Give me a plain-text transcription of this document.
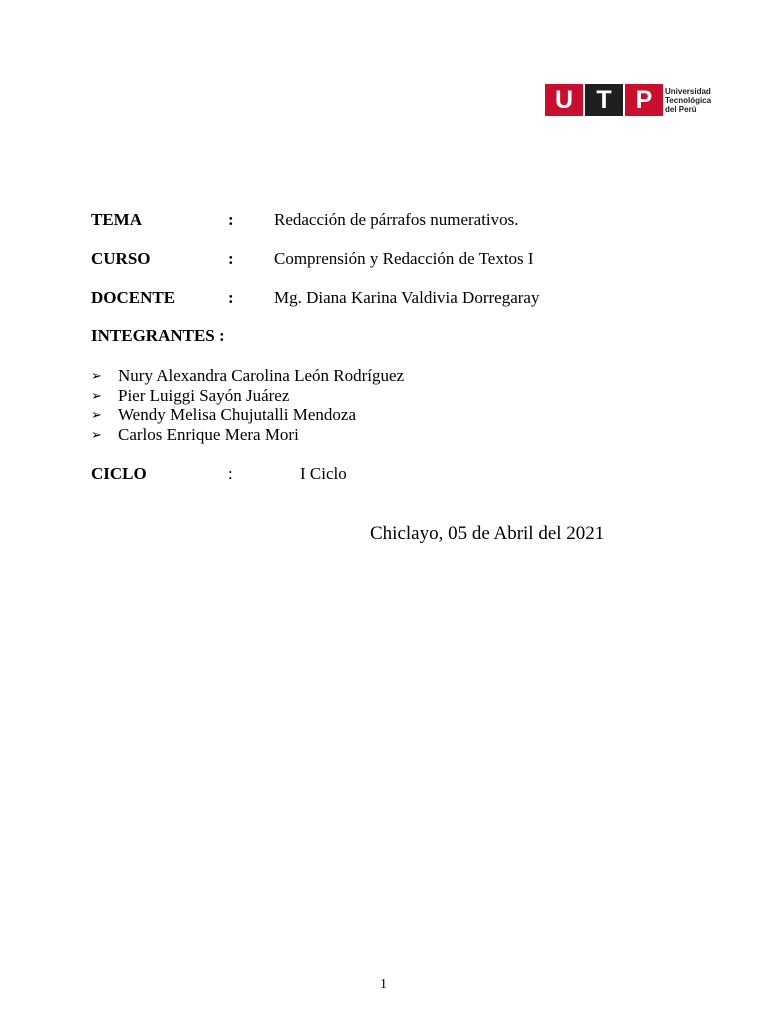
U T P	Universidad
Tecnológica
del Perú
TEMA	: Redacción de párrafos numerativos.
CURSO	: Comprensión y Redacción de Textos I
DOCENTE	: Mg. Diana Karina Valdivia Dorregaray
INTEGRANTES :
➢ Nury Alexandra Carolina León Rodríguez
➢ Pier Luiggi Sayón Juárez
➢ Wendy Melisa Chujutalli Mendoza
➢ Carlos Enrique Mera Mori
CICLO	:	I Ciclo
Chiclayo, 05 de Abril del 2021
1
